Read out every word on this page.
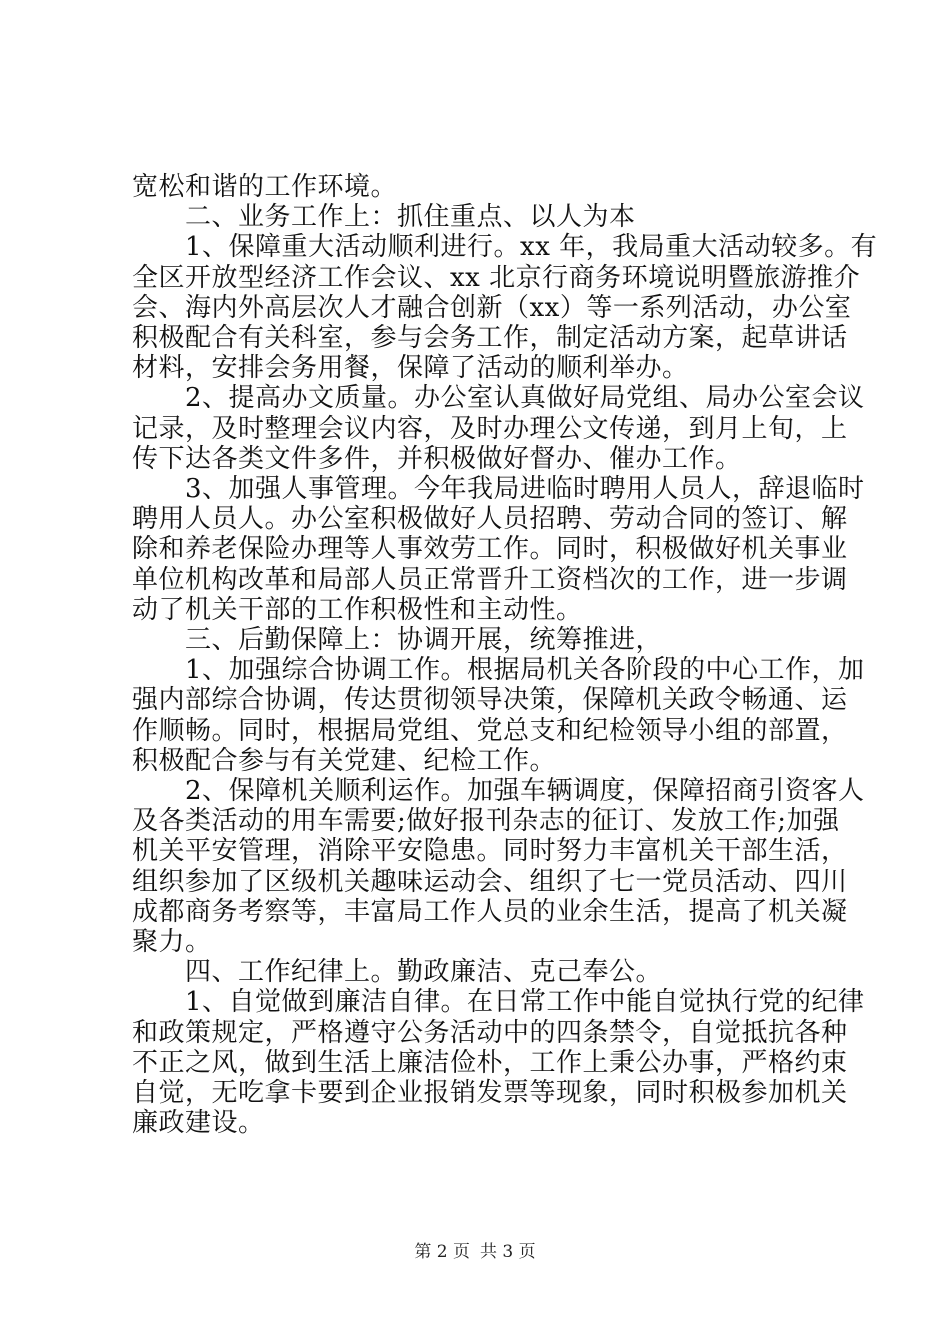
宽松和谐的工作环境。
　　二、业务工作上：抓住重点、以人为本
　　1、保障重大活动顺利进行。xx 年，我局重大活动较多。有
全区开放型经济工作会议、xx 北京行商务环境说明暨旅游推介
会、海内外高层次人才融合创新（xx）等一系列活动，办公室
积极配合有关科室，参与会务工作，制定活动方案，起草讲话
材料，安排会务用餐，保障了活动的顺利举办。
　　2、提高办文质量。办公室认真做好局党组、局办公室会议
记录，及时整理会议内容，及时办理公文传递，到月上旬，上
传下达各类文件多件，并积极做好督办、催办工作。
　　3、加强人事管理。今年我局进临时聘用人员人，辞退临时
聘用人员人。办公室积极做好人员招聘、劳动合同的签订、解
除和养老保险办理等人事效劳工作。同时，积极做好机关事业
单位机构改革和局部人员正常晋升工资档次的工作，进一步调
动了机关干部的工作积极性和主动性。
　　三、后勤保障上：协调开展，统筹推进，
　　1、加强综合协调工作。根据局机关各阶段的中心工作，加
强内部综合协调，传达贯彻领导决策，保障机关政令畅通、运
作顺畅。同时，根据局党组、党总支和纪检领导小组的部置，
积极配合参与有关党建、纪检工作。
　　2、保障机关顺利运作。加强车辆调度，保障招商引资客人
及各类活动的用车需要;做好报刊杂志的征订、发放工作;加强
机关平安管理，消除平安隐患。同时努力丰富机关干部生活，
组织参加了区级机关趣味运动会、组织了七一党员活动、四川
成都商务考察等，丰富局工作人员的业余生活，提高了机关凝
聚力。
　　四、工作纪律上。勤政廉洁、克己奉公。
　　1、自觉做到廉洁自律。在日常工作中能自觉执行党的纪律
和政策规定，严格遵守公务活动中的四条禁令，自觉抵抗各种
不正之风，做到生活上廉洁俭朴，工作上秉公办事，严格约束
自觉，无吃拿卡要到企业报销发票等现象，同时积极参加机关
廉政建设。
第 2 页 共 3 页
